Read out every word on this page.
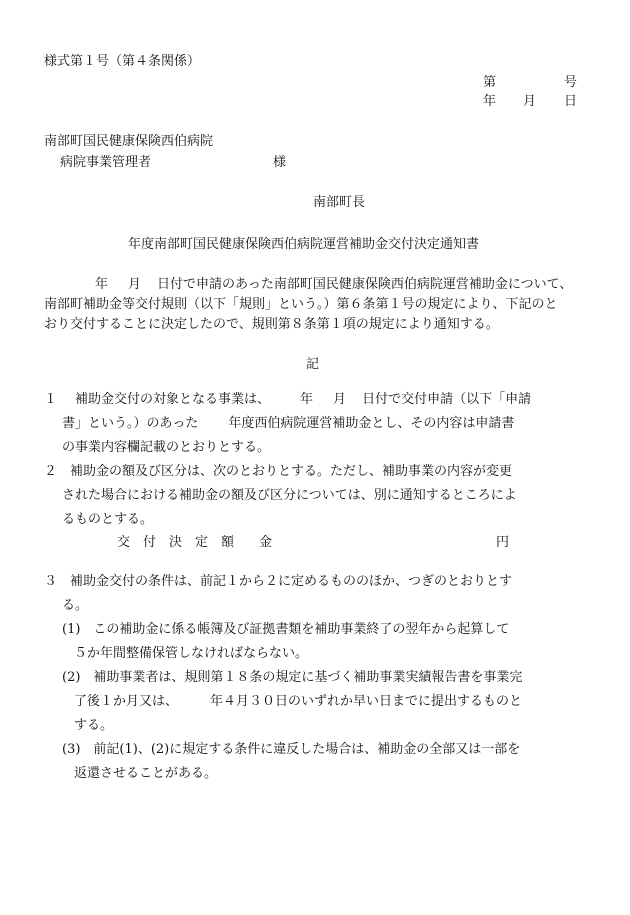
様式第１号（第４条関係）
第	号
年 月 日
南部町国民健康保険西伯病院
病院事業管理者	様
南部町長
年度南部町国民健康保険西伯病院運営補助金交付決定通知書
年 月 日付で申請のあった南部町国民健康保険西伯病院運営補助金について、
南部町補助金等交付規則（以下「規則」という。）第６条第１号の規定により、下記のと
おり交付することに決定したので、規則第８条第１項の規定により通知する。
記
１ 補助金交付の対象となる事業は、 年 月 日付で交付申請（以下「申請
書」という。）のあった 年度西伯病院運営補助金とし、その内容は申請書
の事業内容欄記載のとおりとする。
２　補助金の額及び区分は、次のとおりとする。ただし、補助事業の内容が変更
された場合における補助金の額及び区分については、別に通知するところによ
るものとする。
交　付　決　定　額 金	円
３　補助金交付の条件は、前記１から２に定めるもののほか、つぎのとおりとす
る。
(1)　この補助金に係る帳簿及び証拠書類を補助事業終了の翌年から起算して
５か年間整備保管しなければならない。
(2)　補助事業者は、規則第１８条の規定に基づく補助事業実績報告書を事業完
了後１か月又は、 年４月３０日のいずれか早い日までに提出するものと
する。
(3)　前記(1)、(2)に規定する条件に違反した場合は、補助金の全部又は一部を
返還させることがある。
